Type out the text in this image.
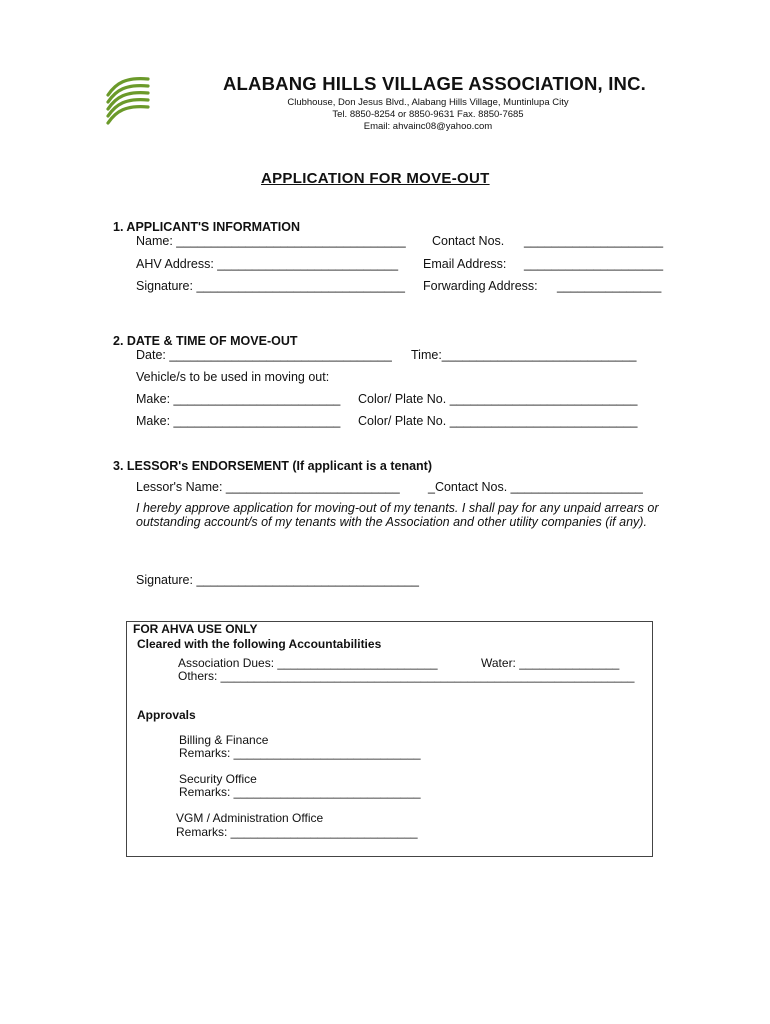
ALABANG HILLS VILLAGE ASSOCIATION, INC.
Clubhouse, Don Jesus Blvd., Alabang Hills Village, Muntinlupa City
Tel. 8850-8254 or 8850-9631 Fax. 8850-7685
Email: ahvainc08@yahoo.com
APPLICATION FOR MOVE-OUT
1. APPLICANT'S INFORMATION
Name: _________________________________ Contact Nos. ____________________
AHV Address: __________________________ Email Address: ____________________
Signature: ______________________________ Forwarding Address: _______________
2. DATE & TIME OF MOVE-OUT
Date: ________________________________ Time:____________________________
Vehicle/s to be used in moving out:
Make: ________________________ Color/ Plate No. ___________________________
Make: ________________________ Color/ Plate No. ___________________________
3. LESSOR's ENDORSEMENT (If applicant is a tenant)
Lessor's Name: _________________________ _Contact Nos. ___________________
I hereby approve application for moving-out of my tenants. I shall pay for any unpaid arrears or outstanding account/s of my tenants with the Association and other utility companies (if any).
Signature: ________________________________
FOR AHVA USE ONLY
Cleared with the following Accountabilities
Association Dues: ________________________	Water: _______________
Others: ______________________________________________________________
Approvals
Billing & Finance
Remarks: ____________________________
Security Office
Remarks: ____________________________
VGM / Administration Office
Remarks: ____________________________
